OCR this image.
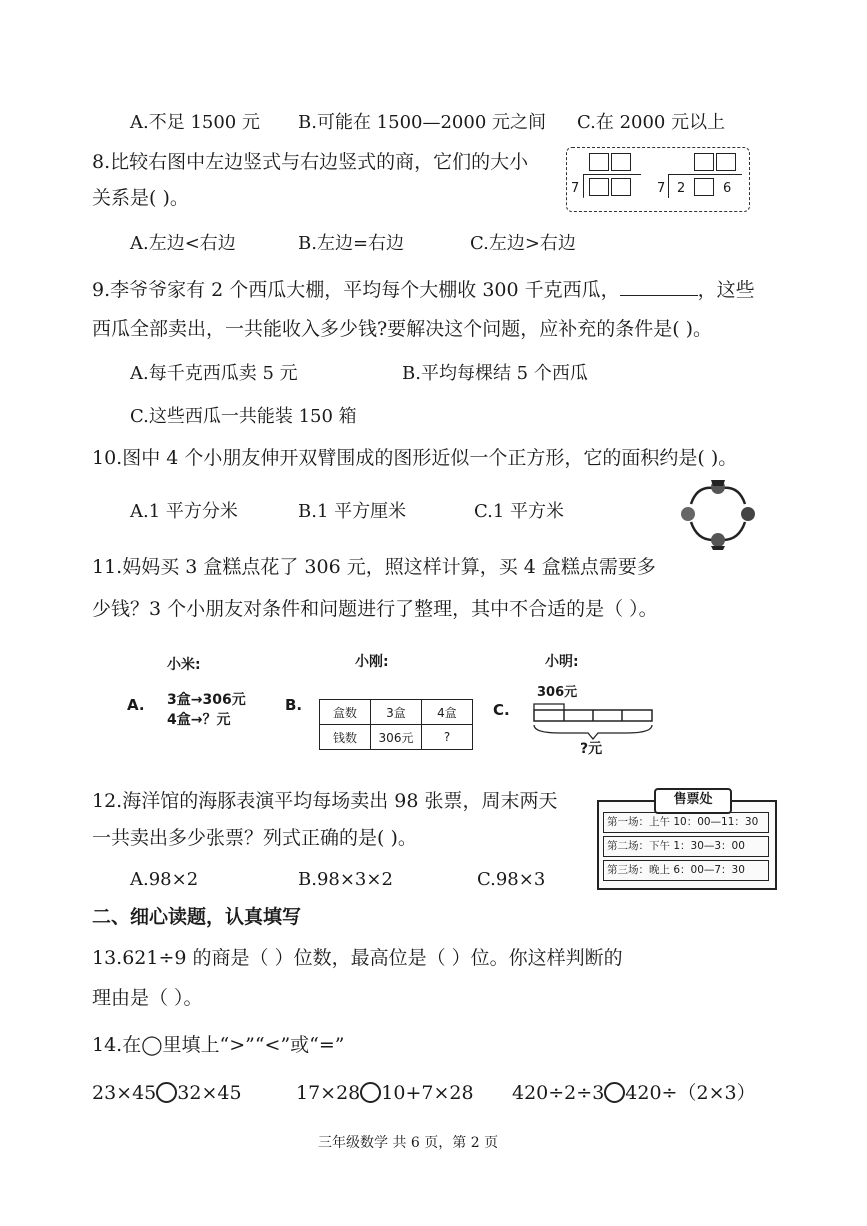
A.不足 1500 元 B.可能在 1500—2000 元之间 C.在 2000 元以上
8.比较右图中左边竖式与右边竖式的商，它们的大小
关系是( )。	7	7 2	6
A.左边<右边	B.左边=右边	C.左边>右边
9.李爷爷家有 2 个西瓜大棚，平均每个大棚收 300 千克西瓜，	，这些
西瓜全部卖出，一共能收入多少钱?要解决这个问题，应补充的条件是( )。
A.每千克西瓜卖 5 元	B.平均每棵结 5 个西瓜
C.这些西瓜一共能装 150 箱
10.图中 4 个小朋友伸开双臂围成的图形近似一个正方形，它的面积约是( )。
A.1 平方分米	B.1 平方厘米	C.1 平方米
11.妈妈买 3 盒糕点花了 306 元，照这样计算，买 4 盒糕点需要多
少钱？3 个小朋友对条件和问题进行了整理，其中不合适的是（ ）。
小米:	小刚:	小明:
A. 3盒→306元
4盒→？元
B.	盒数	3盒	4盒
钱数	306元	?
C.
306元
?元
12.海洋馆的海豚表演平均每场卖出 98 张票，周末两天
一共卖出多少张票？列式正确的是( )。
A.98×2	B.98×3×2	C.98×3
售票处
第一场：上午 10：00—11：30
第二场：下午 1：30—3：00
第三场：晚上 6：00—7：30
二、细心读题，认真填写
13.621÷9 的商是（ ）位数，最高位是（ ）位。你这样判断的
理由是（ ）。
14.在◯里填上“>”“<”或“=”
23×45 32×45	17×28 10+7×28 420÷2÷3 420÷（2×3）
三年级数学 共 6 页，第 2 页
